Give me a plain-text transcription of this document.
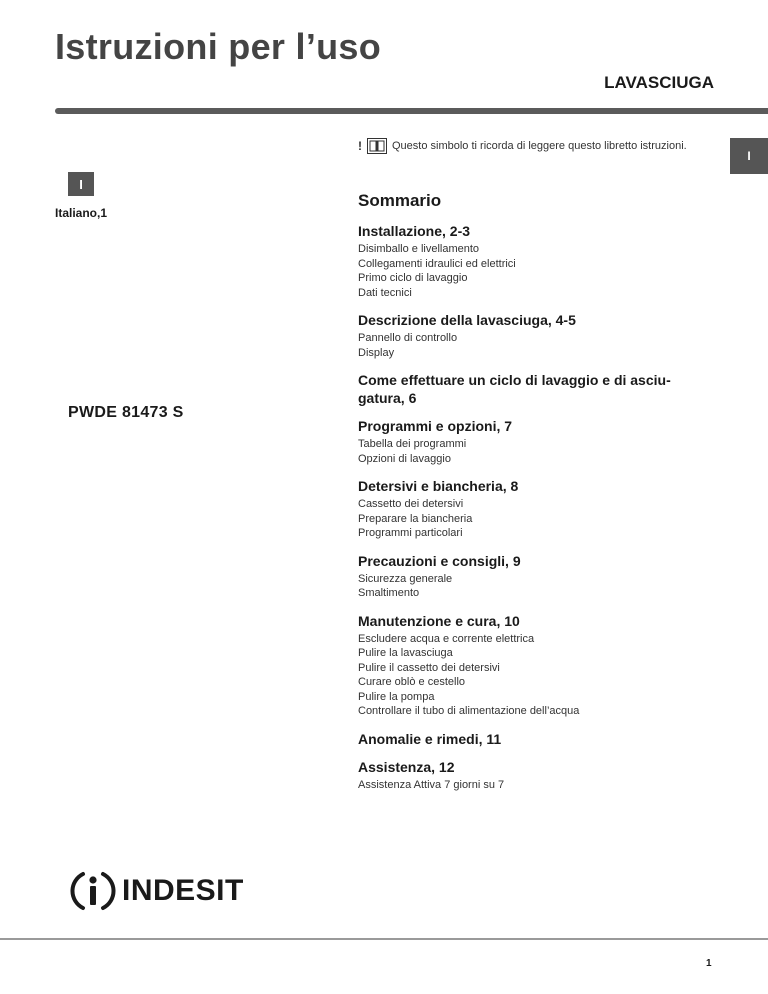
Istruzioni per l’uso
LAVASCIUGA
!	Questo simbolo ti ricorda di leggere questo libretto istruzioni.
I
I
Italiano,1
PWDE 81473 S
Sommario
Installazione, 2-3
Disimballo e livellamento
Collegamenti idraulici ed elettrici
Primo ciclo di lavaggio
Dati tecnici
Descrizione della lavasciuga, 4-5
Pannello di controllo
Display
Come effettuare un ciclo di lavaggio e di asciu-
gatura, 6
Programmi e opzioni, 7
Tabella dei programmi
Opzioni di lavaggio
Detersivi e biancheria, 8
Cassetto dei detersivi
Preparare la biancheria
Programmi particolari
Precauzioni e consigli, 9
Sicurezza generale
Smaltimento
Manutenzione e cura, 10
Escludere acqua e corrente elettrica
Pulire la lavasciuga
Pulire il cassetto dei detersivi
Curare oblò e cestello
Pulire la pompa
Controllare il tubo di alimentazione dell’acqua
Anomalie e rimedi, 11
Assistenza, 12
Assistenza Attiva 7 giorni su 7
INDESIT
1
